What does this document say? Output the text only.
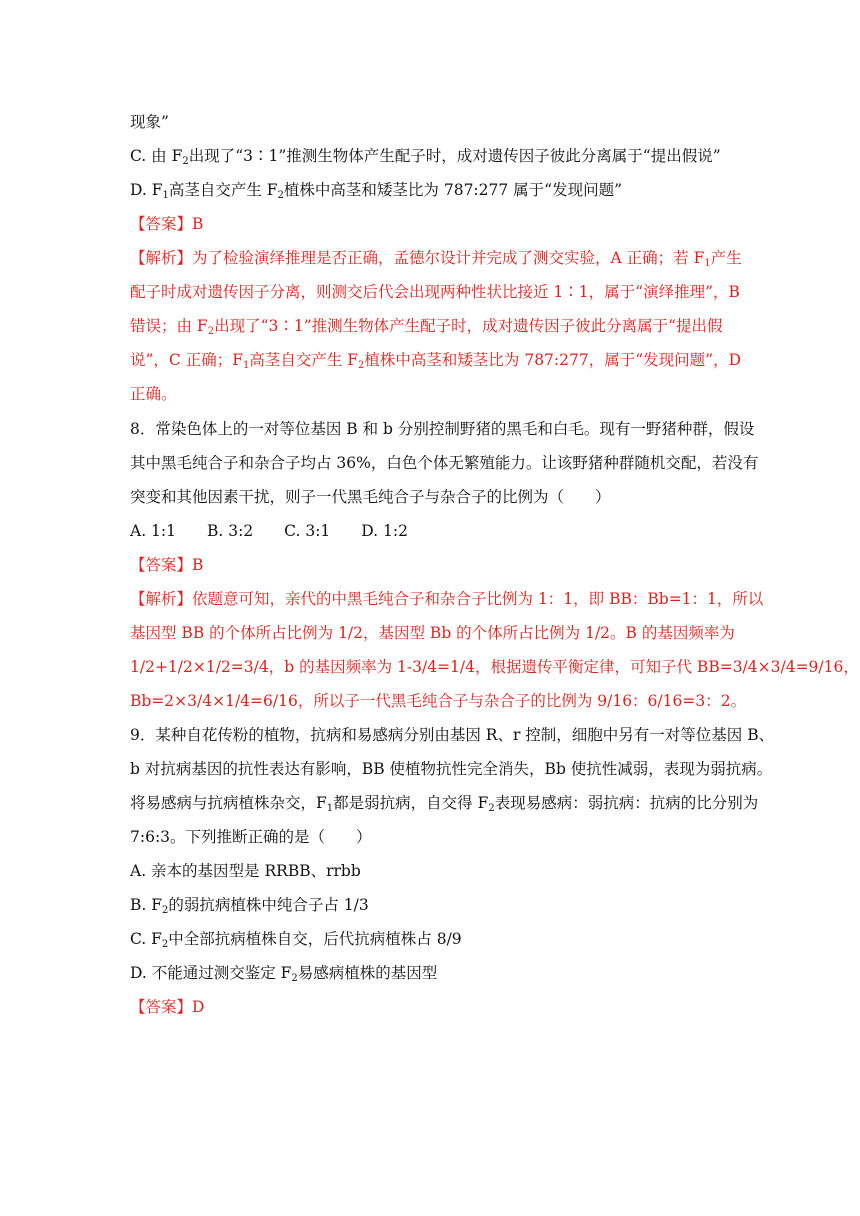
现象”
C. 由 $F_2$出现了“3∶1”推测生物体产生配子时，成对遗传因子彼此分离属于“提出假说”
D. $F_1$高茎自交产生 $F_2$植株中高茎和矮茎比为 787:277 属于“发现问题”
【答案】B
【解析】为了检验演绎推理是否正确，孟德尔设计并完成了测交实验，A 正确；若 $F_1$产生
配子时成对遗传因子分离，则测交后代会出现两种性状比接近 1∶1，属于“演绎推理”，B
错误；由 $F_2$出现了“3∶1”推测生物体产生配子时，成对遗传因子彼此分离属于“提出假
说”，C 正确；$F_1$高茎自交产生 $F_2$植株中高茎和矮茎比为 787:277，属于“发现问题”，D
正确。
8．常染色体上的一对等位基因 B 和 b 分别控制野猪的黑毛和白毛。现有一野猪种群，假设
其中黑毛纯合子和杂合子均占 36%，白色个体无繁殖能力。让该野猪种群随机交配，若没有
突变和其他因素干扰，则子一代黑毛纯合子与杂合子的比例为（　　）
A. 1:1　　B. 3:2　　C. 3:1　　D. 1:2
【答案】B
【解析】依题意可知，亲代的中黑毛纯合子和杂合子比例为 1：1，即 BB：Bb=1：1，所以
基因型 BB 的个体所占比例为 1/2，基因型 Bb 的个体所占比例为 1/2。B 的基因频率为
1/2+1/2×1/2=3/4，b 的基因频率为 1-3/4=1/4，根据遗传平衡定律，可知子代 BB=3/4×3/4=9/16，
Bb=2×3/4×1/4=6/16，所以子一代黑毛纯合子与杂合子的比例为 9/16：6/16=3：2。
9．某种自花传粉的植物，抗病和易感病分别由基因 R、r 控制，细胞中另有一对等位基因 B、
b 对抗病基因的抗性表达有影响，BB 使植物抗性完全消失，Bb 使抗性减弱，表现为弱抗病。
将易感病与抗病植株杂交，$F_1$都是弱抗病，自交得 $F_2$表现易感病：弱抗病：抗病的比分别为
7:6:3。下列推断正确的是（　　）
A. 亲本的基因型是 RRBB、rrbb
B. $F_2$的弱抗病植株中纯合子占 1/3
C. $F_2$中全部抗病植株自交，后代抗病植株占 8/9
D. 不能通过测交鉴定 $F_2$易感病植株的基因型
【答案】D
